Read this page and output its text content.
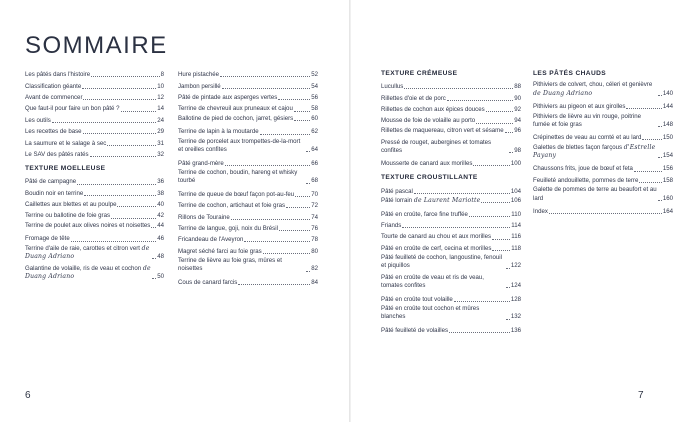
SOMMAIRE
Les pâtés dans l'histoire	8
Classification géante	10
Avant de commencer	12
Que faut-il pour faire un bon pâté ?	14
Les outils	24
Les recettes de base	29
La saumure et le salage à sec	31
Le SAV des pâtés ratés	32
TEXTURE MOELLEUSE
Pâté de campagne	36
Boudin noir en terrine	38
Caillettes aux blettes et au poulpe	40
Terrine ou ballotine de foie gras	42
Terrine de poulet aux olives noires et noisettes 44
Fromage de tête	46
Terrine d'aile de raie, carottes et citron vert de Duang Adriano	48
Galantine de volaille, ris de veau et cochon de Duang Adriano	50
Hure pistachée	52
Jambon persillé	54
Pâté de pintade aux asperges vertes	56
Terrine de chevreuil aux pruneaux et cajou	58
Ballotine de pied de cochon, jarret, gésiers	60
Terrine de lapin à la moutarde	62
Terrine de porcelet aux trompettes-de-la-mort et oreilles confites	64
Pâté grand-mère	66
Terrine de cochon, boudin, hareng et whisky tourbé	68
Terrine de queue de bœuf façon pot-au-feu	70
Terrine de cochon, artichaut et foie gras	72
Rillons de Touraine	74
Terrine de langue, goji, noix du Brésil	76
Fricandeau de l'Aveyron	78
Magret séché farci au foie gras	80
Terrine de lièvre au foie gras, mûres et noisettes	82
Cous de canard farcis	84
6
TEXTURE CRÉMEUSE
Lucullus	88
Rillettes d'oie et de porc	90
Rillettes de cochon aux épices douces	92
Mousse de foie de volaille au porto	94
Rillettes de maquereau, citron vert et sésame 96
Pressé de rouget, aubergines et tomates confites	98
Mousserte de canard aux morilles	100
TEXTURE CROUSTILLANTE
Pâté pascal	104
Pâté lorrain de Laurent Mariotte	106
Pâté en croûte, farce fine truffée	110
Friands	114
Tourte de canard au chou et aux morilles	116
Pâté en croûte de cerf, cecina et morilles	118
Pâté feuilleté de cochon, langoustine, fenouil et piquillos	122
Pâté en croûte de veau et ris de veau, tomates confites	124
Pâté en croûte tout volaille	128
Pâté en croûte tout cochon et mûres blanches	132
Pâté feuilleté de volailles	136
LES PÂTÉS CHAUDS
Pithiviers de colvert, chou, céleri et genièvre de Duang Adriano	140
Pithiviers au pigeon et aux girolles	144
Pithiviers de lièvre au vin rouge, poitrine fumée et foie gras	148
Crépinettes de veau au comté et au lard	150
Galettes de blettes façon farçous d'Estrelle Payany	154
Chaussons frits, joue de bœuf et feta	156
Feuilleté andouillette, pommes de terre	158
Galette de pommes de terre au beaufort et au lard	160
Index	164
7
